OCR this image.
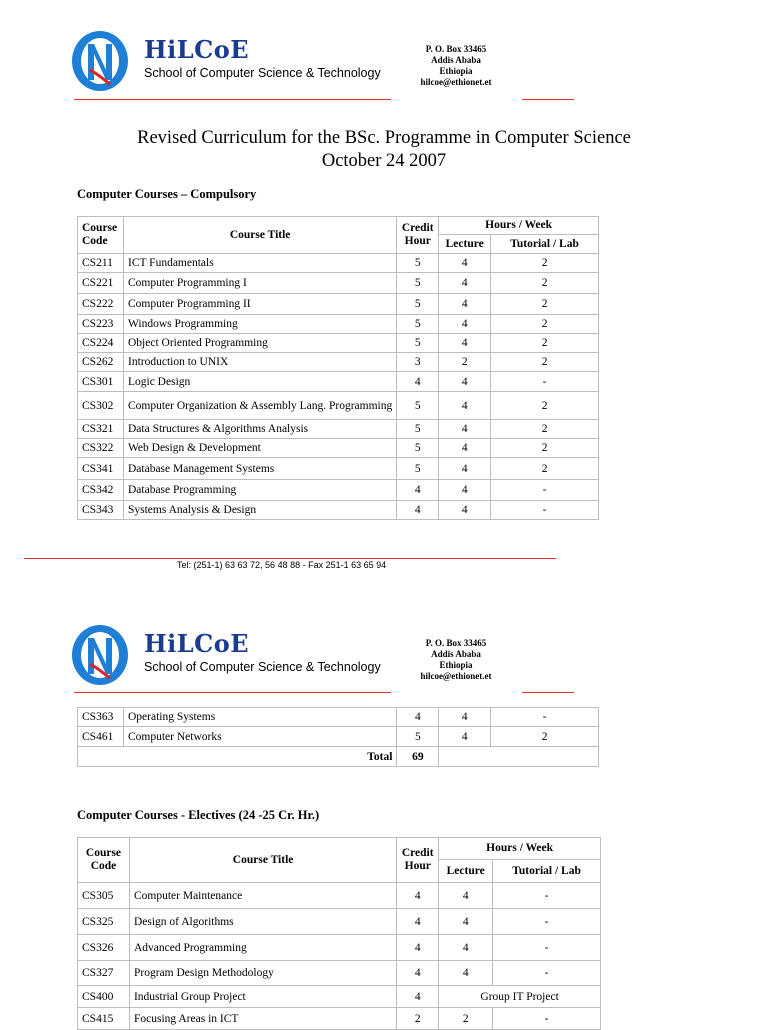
HiLCoE
School of Computer Science & Technology
P. O. Box 33465
Addis Ababa
Ethiopia
hilcoe@ethionet.et
Revised Curriculum for the BSc. Programme in Computer Science
October 24 2007
Computer Courses – Compulsory
Course Code	Course Title	Credit Hour	Hours / Week	
			Lecture	Tutorial / Lab
CS211	ICT Fundamentals	5	4	2
CS221	Computer Programming I	5	4	2
CS222	Computer Programming II	5	4	2
CS223	Windows Programming	5	4	2
CS224	Object Oriented Programming	5	4	2
CS262	Introduction to UNIX	3	2	2
CS301	Logic Design	4	4	-
CS302	Computer Organization & Assembly Lang. Programming	5	4	2
CS321	Data Structures & Algorithms Analysis	5	4	2
CS322	Web Design & Development	5	4	2
CS341	Database Management Systems	5	4	2
CS342	Database Programming	4	4	-
CS343	Systems Analysis & Design	4	4	-
Tel: (251-1) 63 63 72, 56 48 88 - Fax 251-1 63 65 94
HiLCoE
School of Computer Science & Technology
P. O. Box 33465
Addis Ababa
Ethiopia
hilcoe@ethionet.et
CS363	Operating Systems	4	4	-
CS461	Computer Networks	5	4	2
Total		69		
Computer Courses - Electives (24 -25 Cr. Hr.)
Course Code	Course Title	Credit Hour	Hours / Week	
			Lecture	Tutorial / Lab
CS305	Computer Maintenance	4	4	-
CS325	Design of Algorithms	4	4	-
CS326	Advanced Programming	4	4	-
CS327	Program Design Methodology	4	4	-
CS400	Industrial Group Project	4	Group IT Project	
CS415	Focusing Areas in ICT	2	2	-
